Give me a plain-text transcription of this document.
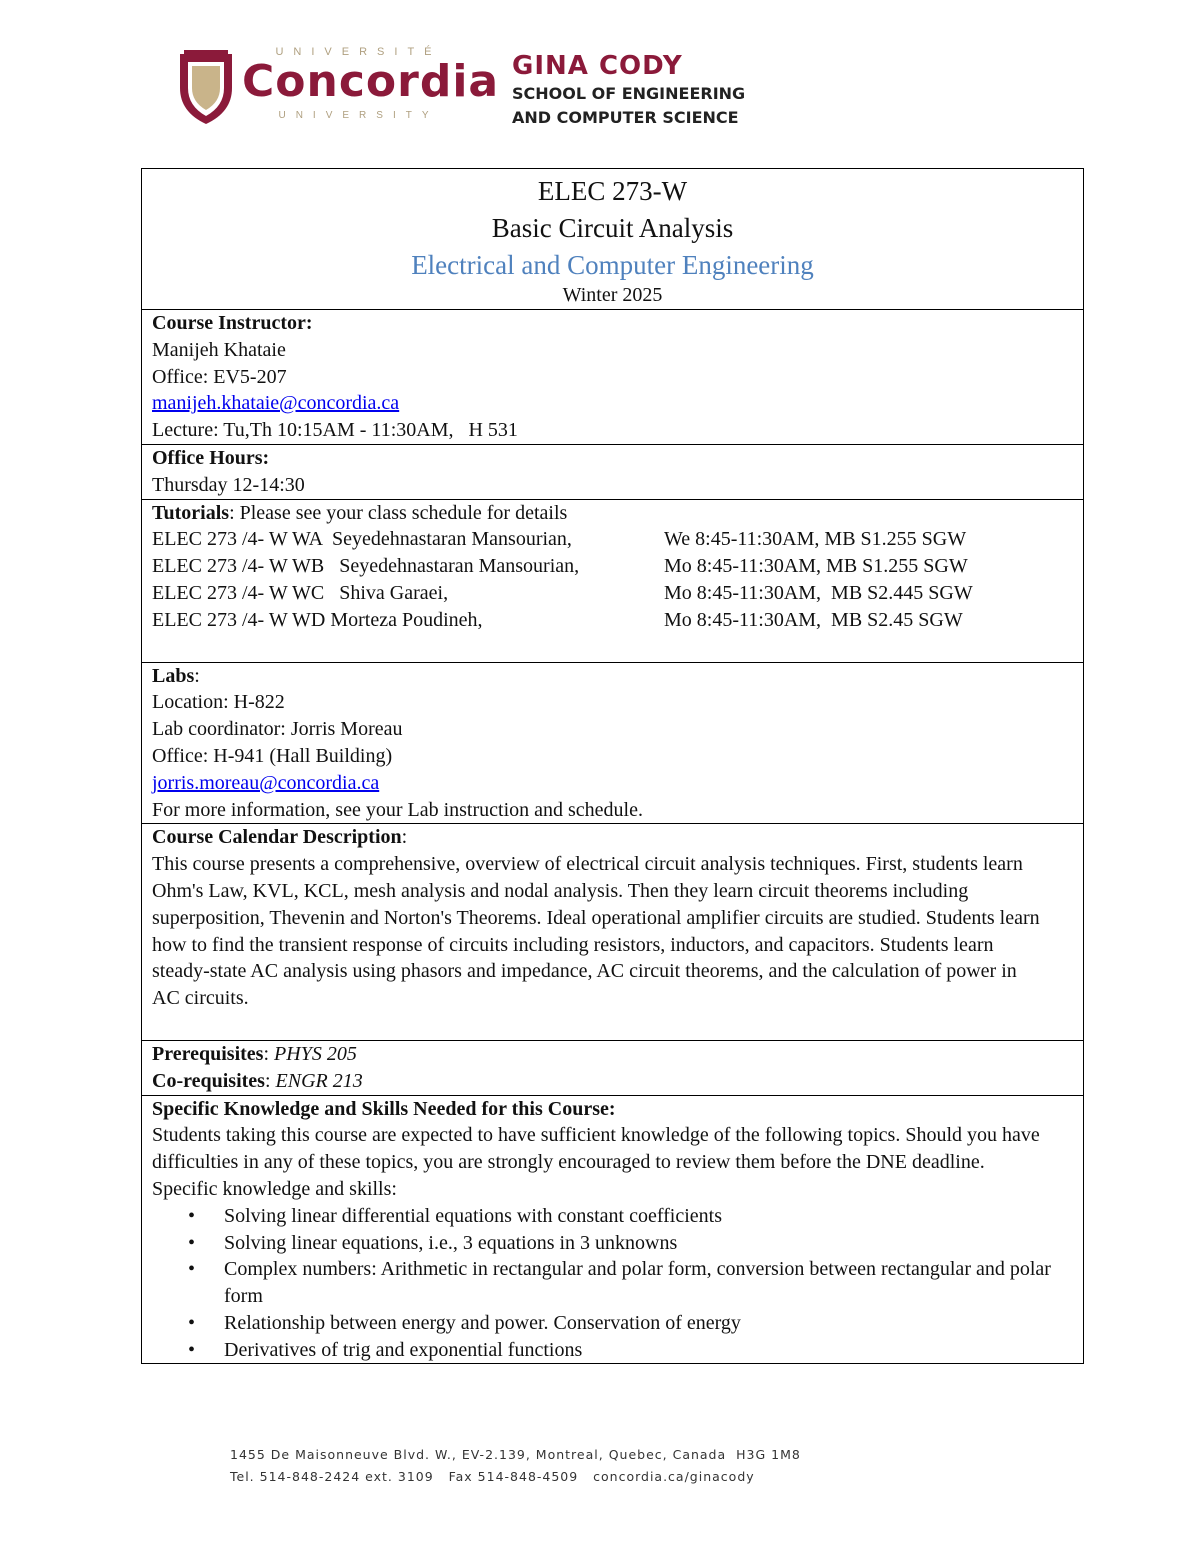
UNIVERSITÉ
Concordia
UNIVERSITY
GINA CODY
SCHOOL OF ENGINEERING
AND COMPUTER SCIENCE
ELEC 273-W
Basic Circuit Analysis
Electrical and Computer Engineering
Winter 2025
Course Instructor:
Manijeh Khataie
Office: EV5-207
manijeh.khataie@concordia.ca
Lecture: Tu,Th 10:15AM - 11:30AM,   H 531
Office Hours:
Thursday 12-14:30
Tutorials: Please see your class schedule for details
ELEC 273 /4- W WA  Seyedehnastaran Mansourian,	We 8:45-11:30AM, MB S1.255 SGW
ELEC 273 /4- W WB   Seyedehnastaran Mansourian,	Mo 8:45-11:30AM, MB S1.255 SGW
ELEC 273 /4- W WC   Shiva Garaei,	Mo 8:45-11:30AM,  MB S2.445 SGW
ELEC 273 /4- W WD Morteza Poudineh,	Mo 8:45-11:30AM,  MB S2.45 SGW
Labs:
Location: H-822
Lab coordinator: Jorris Moreau
Office: H-941 (Hall Building)
jorris.moreau@concordia.ca
For more information, see your Lab instruction and schedule.
Course Calendar Description:
This course presents a comprehensive, overview of electrical circuit analysis techniques. First, students learn Ohm's Law, KVL, KCL, mesh analysis and nodal analysis. Then they learn circuit theorems including superposition, Thevenin and Norton's Theorems. Ideal operational amplifier circuits are studied. Students learn how to find the transient response of circuits including resistors, inductors, and capacitors. Students learn steady-state AC analysis using phasors and impedance, AC circuit theorems, and the calculation of power in AC circuits.
Prerequisites: PHYS 205
Co-requisites: ENGR 213
Specific Knowledge and Skills Needed for this Course:
Students taking this course are expected to have sufficient knowledge of the following topics. Should you have difficulties in any of these topics, you are strongly encouraged to review them before the DNE deadline.
Specific knowledge and skills:
• Solving linear differential equations with constant coefficients
• Solving linear equations, i.e., 3 equations in 3 unknowns
• Complex numbers: Arithmetic in rectangular and polar form, conversion between rectangular and polar form
• Relationship between energy and power. Conservation of energy
• Derivatives of trig and exponential functions
1455 De Maisonneuve Blvd. W., EV-2.139, Montreal, Quebec, Canada  H3G 1M8
Tel. 514-848-2424 ext. 3109   Fax 514-848-4509   concordia.ca/ginacody
